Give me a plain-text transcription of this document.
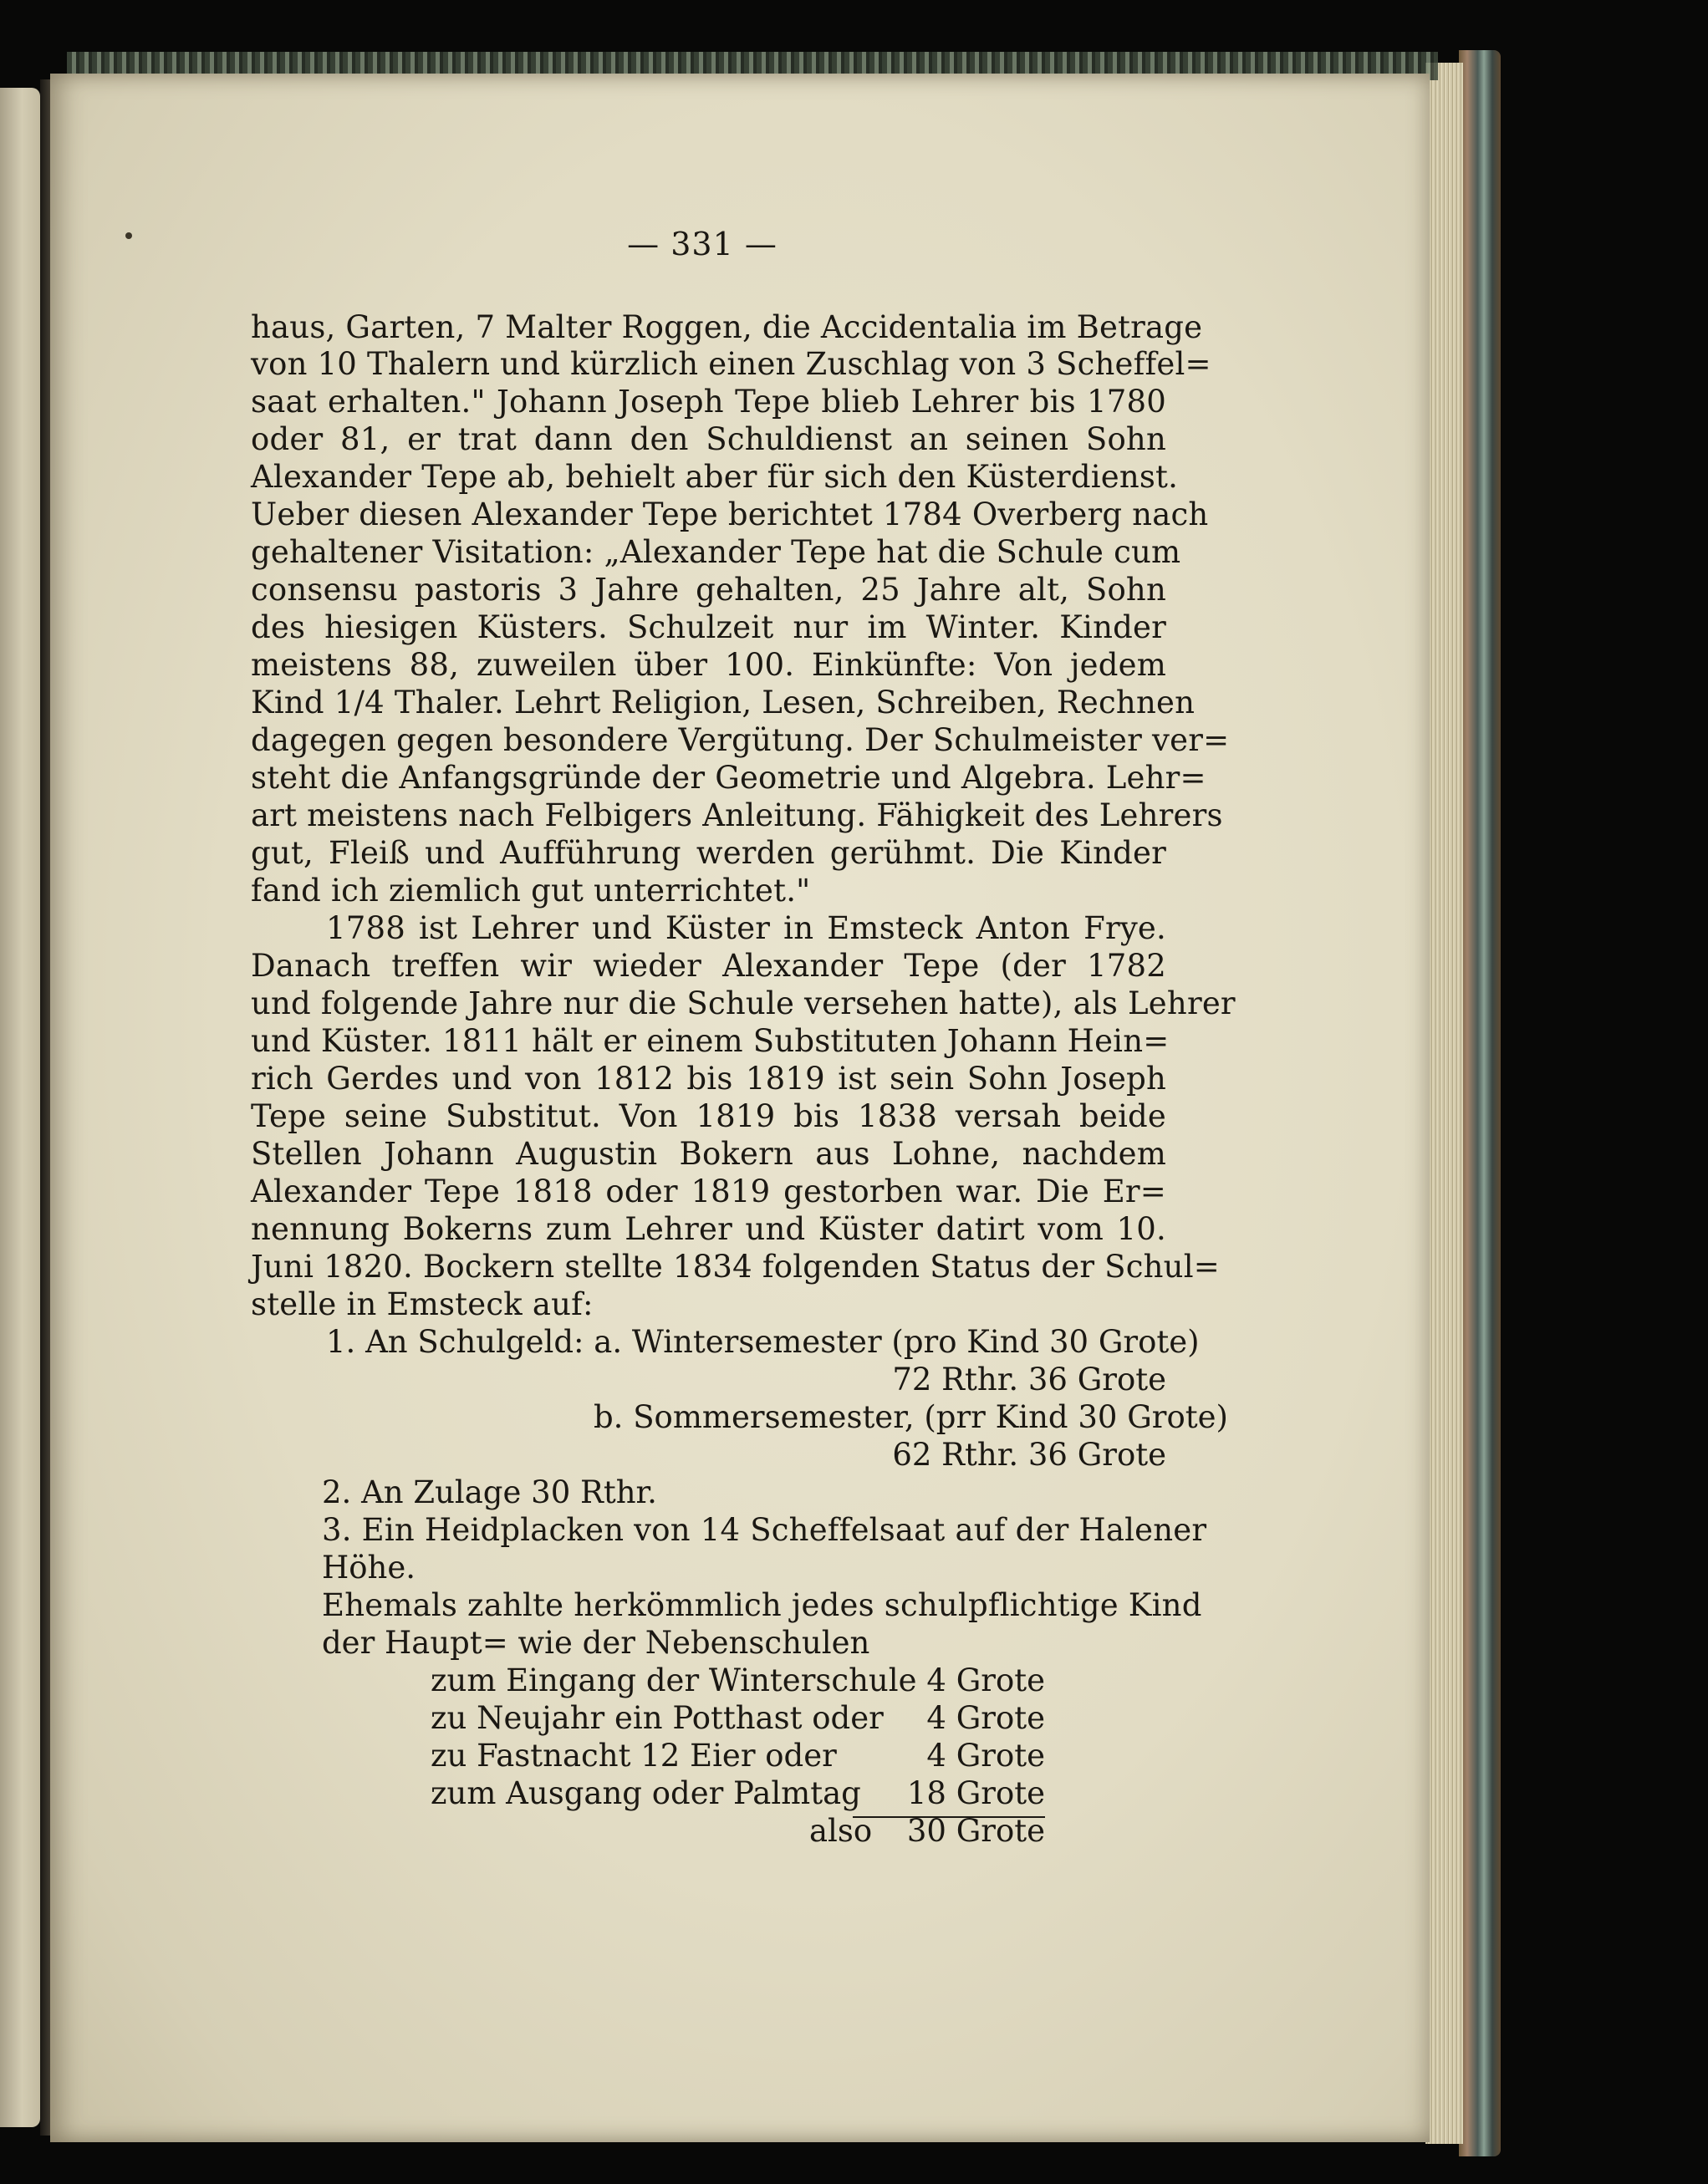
— 331 —
haus, Garten, 7 Malter Roggen, die Accidentalia im Betrage
von 10 Thalern und kürzlich einen Zuschlag von 3 Scheffel=
saat erhalten." Johann Joseph Tepe blieb Lehrer bis 1780
oder 81, er trat dann den Schuldienst an seinen Sohn
Alexander Tepe ab, behielt aber für sich den Küsterdienst.
Ueber diesen Alexander Tepe berichtet 1784 Overberg nach
gehaltener Visitation: „Alexander Tepe hat die Schule cum
consensu pastoris 3 Jahre gehalten, 25 Jahre alt, Sohn
des hiesigen Küsters. Schulzeit nur im Winter. Kinder
meistens 88, zuweilen über 100. Einkünfte: Von jedem
Kind 1/4 Thaler. Lehrt Religion, Lesen, Schreiben, Rechnen
dagegen gegen besondere Vergütung. Der Schulmeister ver=
steht die Anfangsgründe der Geometrie und Algebra. Lehr=
art meistens nach Felbigers Anleitung. Fähigkeit des Lehrers
gut, Fleiß und Aufführung werden gerühmt. Die Kinder
fand ich ziemlich gut unterrichtet."
1788 ist Lehrer und Küster in Emsteck Anton Frye.
Danach treffen wir wieder Alexander Tepe (der 1782
und folgende Jahre nur die Schule versehen hatte), als Lehrer
und Küster. 1811 hält er einem Substituten Johann Hein=
rich Gerdes und von 1812 bis 1819 ist sein Sohn Joseph
Tepe seine Substitut. Von 1819 bis 1838 versah beide
Stellen Johann Augustin Bokern aus Lohne, nachdem
Alexander Tepe 1818 oder 1819 gestorben war. Die Er=
nennung Bokerns zum Lehrer und Küster datirt vom 10.
Juni 1820. Bockern stellte 1834 folgenden Status der Schul=
stelle in Emsteck auf:
1. An Schulgeld: a. Wintersemester (pro Kind 30 Grote)
72 Rthr. 36 Grote
b. Sommersemester, (prr Kind 30 Grote)
62 Rthr. 36 Grote
2. An Zulage 30 Rthr.
3. Ein Heidplacken von 14 Scheffelsaat auf der Halener
Höhe.
Ehemals zahlte herkömmlich jedes schulpflichtige Kind
der Haupt= wie der Nebenschulen
zum Eingang der Winterschule 4 Grote
zu Neujahr ein Potthast oder	4 Grote
zu Fastnacht 12 Eier oder	4 Grote
zum Ausgang oder Palmtag	18 Grote
also 30 Grote
